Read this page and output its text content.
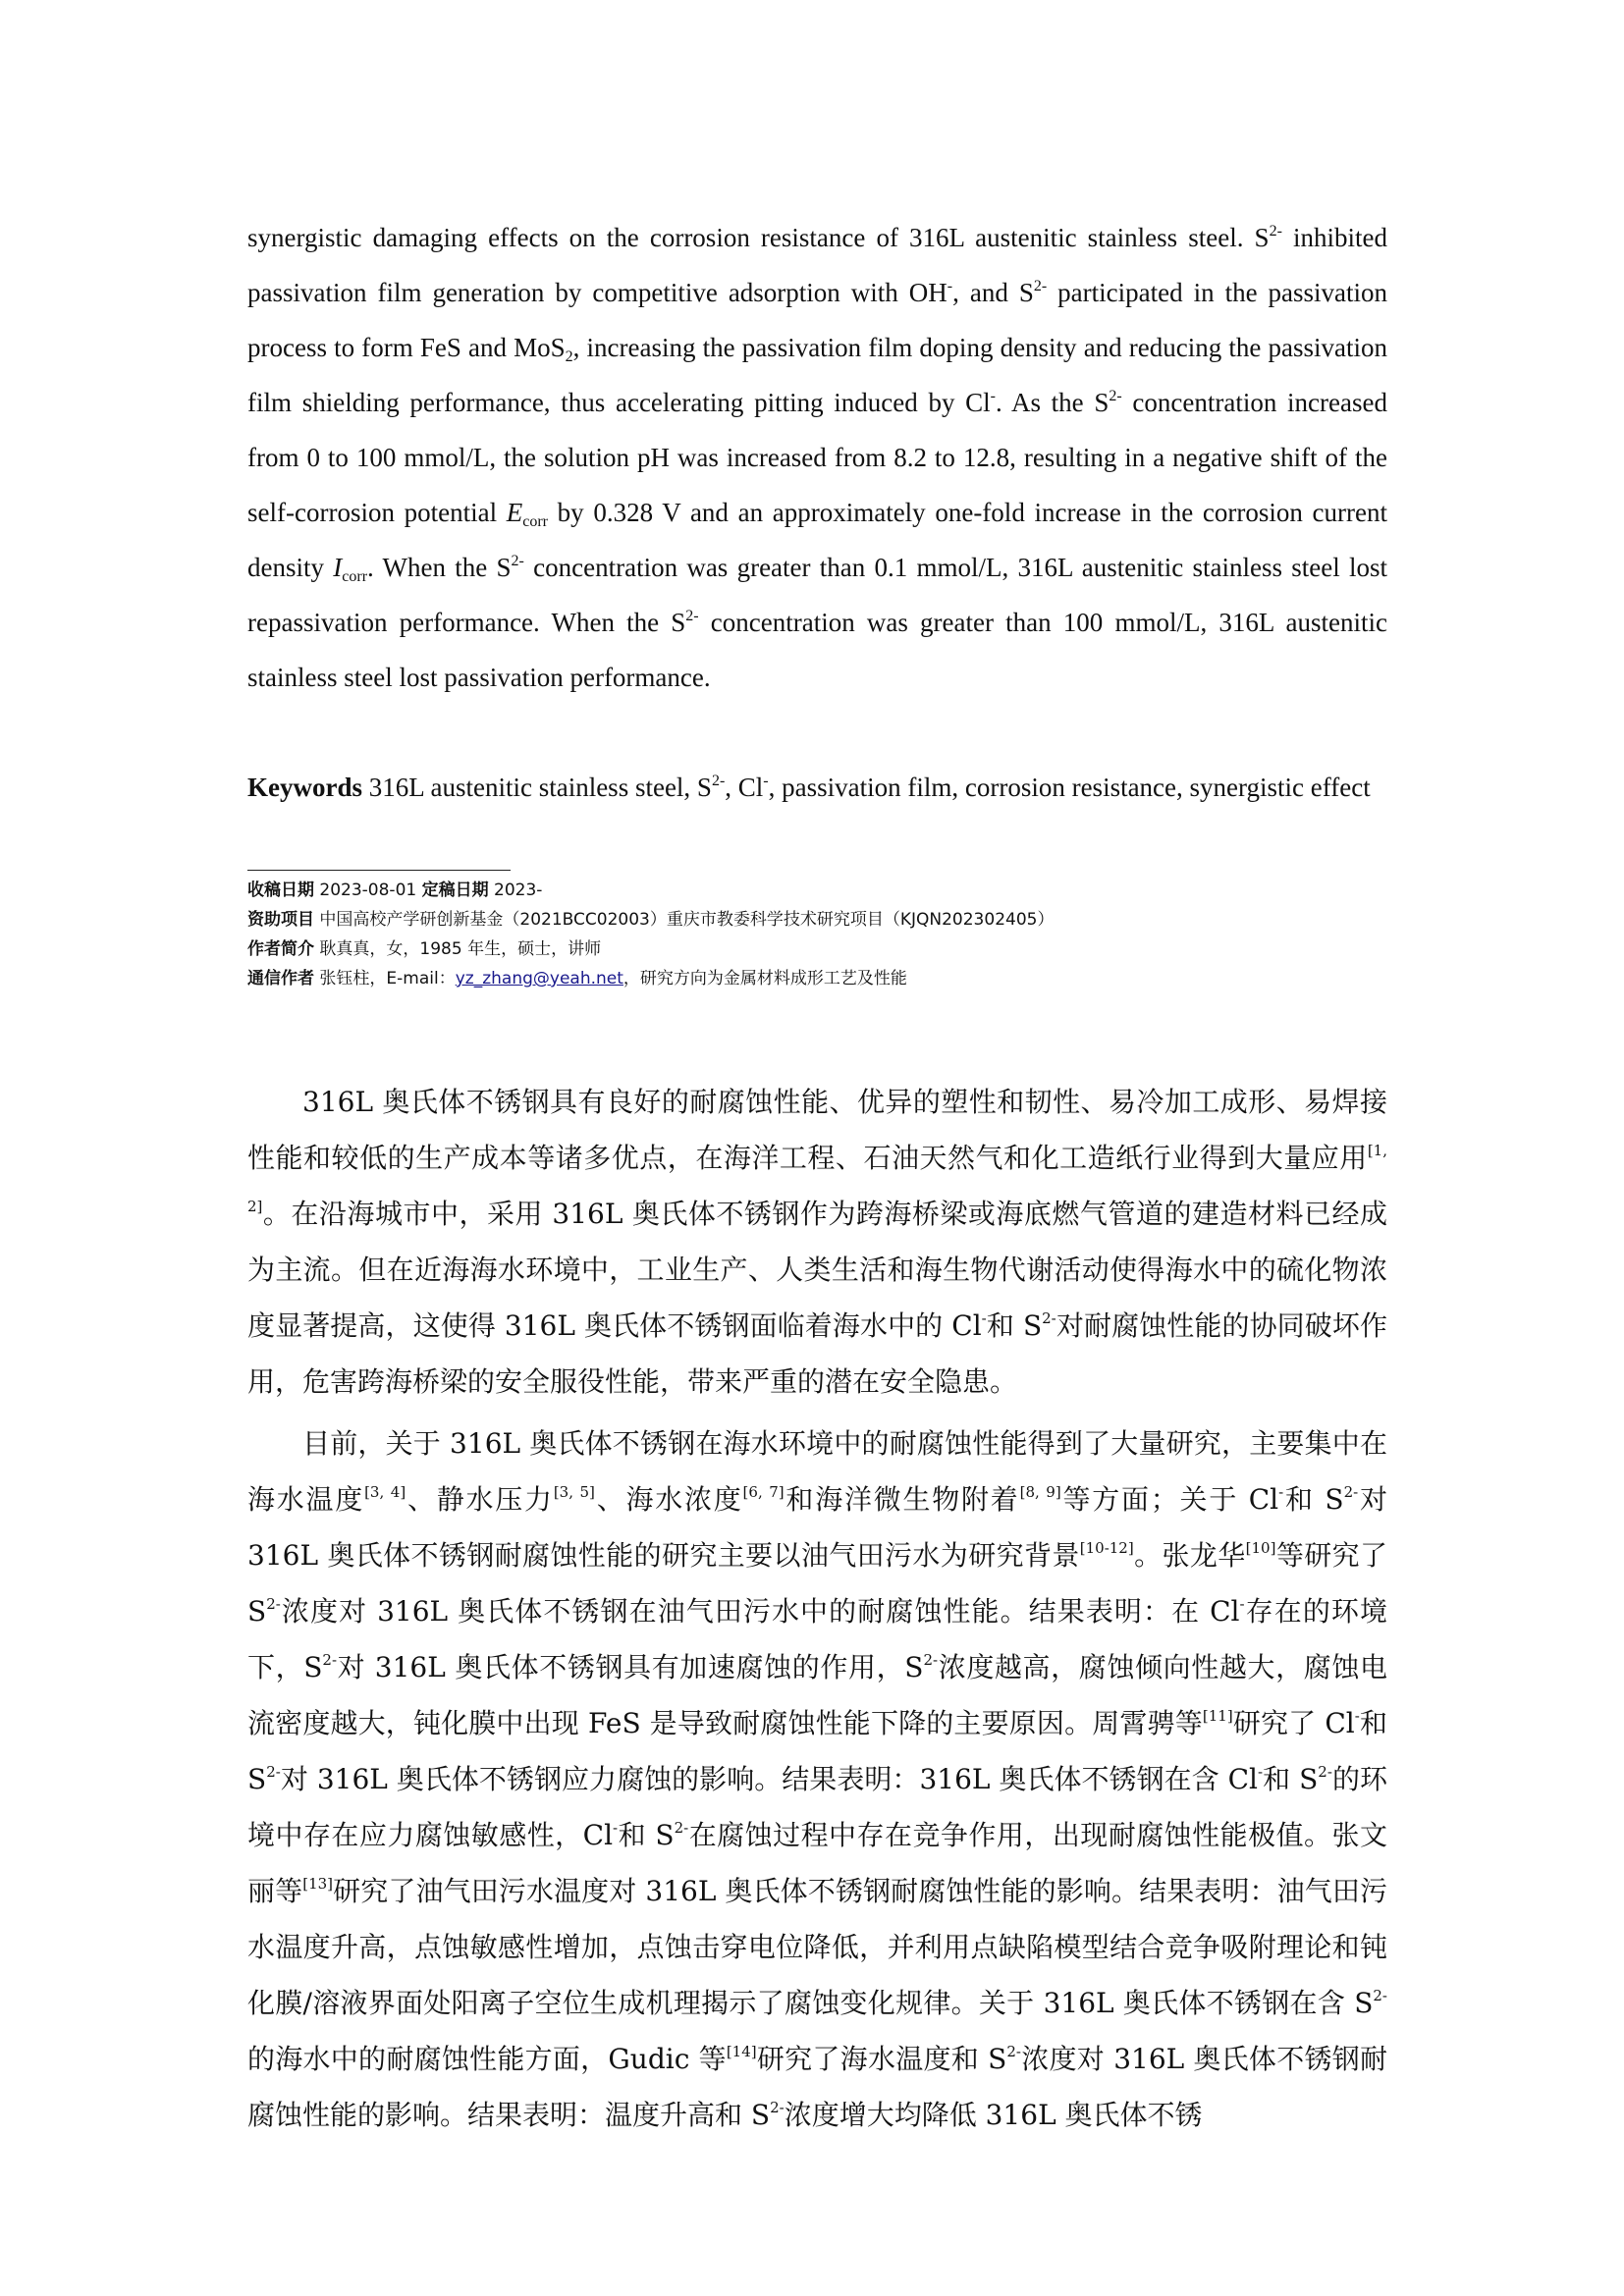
synergistic damaging effects on the corrosion resistance of 316L austenitic stainless steel. $S^{2-}$ inhibited passivation film generation by competitive adsorption with OH-, and $S^{2-}$ participated in the passivation process to form FeS and MoS$_2$, increasing the passivation film doping density and reducing the passivation film shielding performance, thus accelerating pitting induced by Cl-. As the $S^{2-}$ concentration increased from 0 to 100 mmol/L, the solution pH was increased from 8.2 to 12.8, resulting in a negative shift of the self-corrosion potential $E_{corr}$ by 0.328 V and an approximately one-fold increase in the corrosion current density $I_{corr}$. When the $S^{2-}$ concentration was greater than 0.1 mmol/L, 316L austenitic stainless steel lost repassivation performance. When the $S^{2-}$ concentration was greater than 100 mmol/L, 316L austenitic stainless steel lost passivation performance.

Keywords 316L austenitic stainless steel, $S^{2-}$, Cl-, passivation film, corrosion resistance, synergistic effect

收稿日期 2023-08-01 定稿日期 2023-
资助项目 中国高校产学研创新基金（2021BCC02003）重庆市教委科学技术研究项目（KJQN202302405）
作者简介 耿真真，女，1985 年生，硕士，讲师
通信作者 张钰柱，E-mail：yz_zhang@yeah.net，研究方向为金属材料成形工艺及性能

316L 奥氏体不锈钢具有良好的耐腐蚀性能、优异的塑性和韧性、易冷加工成形、易焊接性能和较低的生产成本等诸多优点，在海洋工程、石油天然气和化工造纸行业得到大量应用[1, 2]。在沿海城市中，采用 316L 奥氏体不锈钢作为跨海桥梁或海底燃气管道的建造材料已经成为主流。但在近海海水环境中，工业生产、人类生活和海生物代谢活动使得海水中的硫化物浓度显著提高，这使得 316L 奥氏体不锈钢面临着海水中的 Cl-和 $S^{2-}$对耐腐蚀性能的协同破坏作用，危害跨海桥梁的安全服役性能，带来严重的潜在安全隐患。

目前，关于 316L 奥氏体不锈钢在海水环境中的耐腐蚀性能得到了大量研究，主要集中在海水温度[3, 4]、静水压力[3, 5]、海水浓度[6, 7]和海洋微生物附着[8, 9]等方面；关于 Cl-和 $S^{2-}$对 316L 奥氏体不锈钢耐腐蚀性能的研究主要以油气田污水为研究背景[10-12]。张龙华[10]等研究了 $S^{2-}$浓度对 316L 奥氏体不锈钢在油气田污水中的耐腐蚀性能。结果表明：在 Cl-存在的环境下，$S^{2-}$对 316L 奥氏体不锈钢具有加速腐蚀的作用，$S^{2-}$浓度越高，腐蚀倾向性越大，腐蚀电流密度越大，钝化膜中出现 FeS 是导致耐腐蚀性能下降的主要原因。周霄骋等[11]研究了 Cl-和 $S^{2-}$对 316L 奥氏体不锈钢应力腐蚀的影响。结果表明：316L 奥氏体不锈钢在含 Cl-和 $S^{2-}$的环境中存在应力腐蚀敏感性，Cl-和 $S^{2-}$在腐蚀过程中存在竞争作用，出现耐腐蚀性能极值。张文丽等[13]研究了油气田污水温度对 316L 奥氏体不锈钢耐腐蚀性能的影响。结果表明：油气田污水温度升高，点蚀敏感性增加，点蚀击穿电位降低，并利用点缺陷模型结合竞争吸附理论和钝化膜/溶液界面处阳离子空位生成机理揭示了腐蚀变化规律。关于 316L 奥氏体不锈钢在含 $S^{2-}$的海水中的耐腐蚀性能方面，Gudic 等[14]研究了海水温度和 $S^{2-}$浓度对 316L 奥氏体不锈钢耐腐蚀性能的影响。结果表明：温度升高和 $S^{2-}$浓度增大均降低 316L 奥氏体不锈
